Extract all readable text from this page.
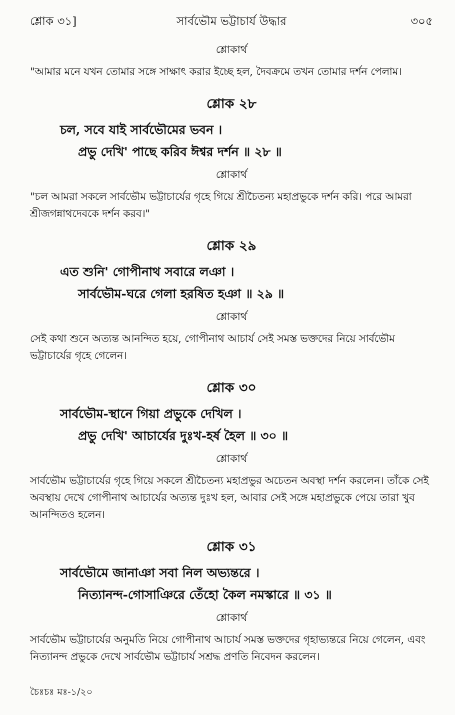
শ্লোক ৩১]	সার্বভৌম ভট্টাচার্য উদ্ধার	৩০৫
শ্লোকার্থ

"আমার মনে যখন তোমার সঙ্গে সাক্ষাৎ করার ইচ্ছে হল, দৈবক্রমে তখন তোমার দর্শন পেলাম।

শ্লোক ২৮
চল, সবে যাই সার্বভৌমের ভবন ।
প্রভু দেখি' পাছে করিব ঈশ্বর দর্শন ॥ ২৮ ॥
শ্লোকার্থ

"চল আমরা সকলে সার্বভৌম ভট্টাচার্যের গৃহে গিয়ে শ্রীচৈতন্য মহাপ্রভুকে দর্শন করি। পরে আমরা শ্রীজগন্নাথদেবকে দর্শন করব।"

শ্লোক ২৯
এত শুনি' গোপীনাথ সবারে লঞা ।
সার্বভৌম-ঘরে গেলা হরষিত হঞা ॥ ২৯ ॥
শ্লোকার্থ

সেই কথা শুনে অত্যন্ত আনন্দিত হয়ে, গোপীনাথ আচার্য সেই সমস্ত ভক্তদের নিয়ে সার্বভৌম ভট্টাচার্যের গৃহে গেলেন।

শ্লোক ৩০
সার্বভৌম-স্থানে গিয়া প্রভুকে দেখিল ।
প্রভু দেখি' আচার্যের দুঃখ-হর্ষ হৈল ॥ ৩০ ॥
শ্লোকার্থ

সার্বভৌম ভট্টাচার্যের গৃহে গিয়ে সকলে শ্রীচৈতন্য মহাপ্রভুর অচেতন অবস্থা দর্শন করলেন। তাঁকে সেই অবস্থায় দেখে গোপীনাথ আচার্যের অত্যন্ত দুঃখ হল, আবার সেই সঙ্গে মহাপ্রভুকে পেয়ে তারা খুব আনন্দিতও হলেন।

শ্লোক ৩১
সার্বভৌমে জানাঞা সবা নিল অভ্যন্তরে ।
নিত্যানন্দ-গোসাঞিরে তেঁহো কৈল নমস্কারে ॥ ৩১ ॥
শ্লোকার্থ

সার্বভৌম ভট্টাচার্যের অনুমতি নিয়ে গোপীনাথ আচার্য সমস্ত ভক্তদের গৃহাভ্যন্তরে নিয়ে গেলেন, এবং নিত্যানন্দ প্রভুকে দেখে সার্বভৌম ভট্টাচার্য সশ্রদ্ধ প্রণতি নিবেদন করলেন।

চৈঃচঃ মঃ-১/২০
